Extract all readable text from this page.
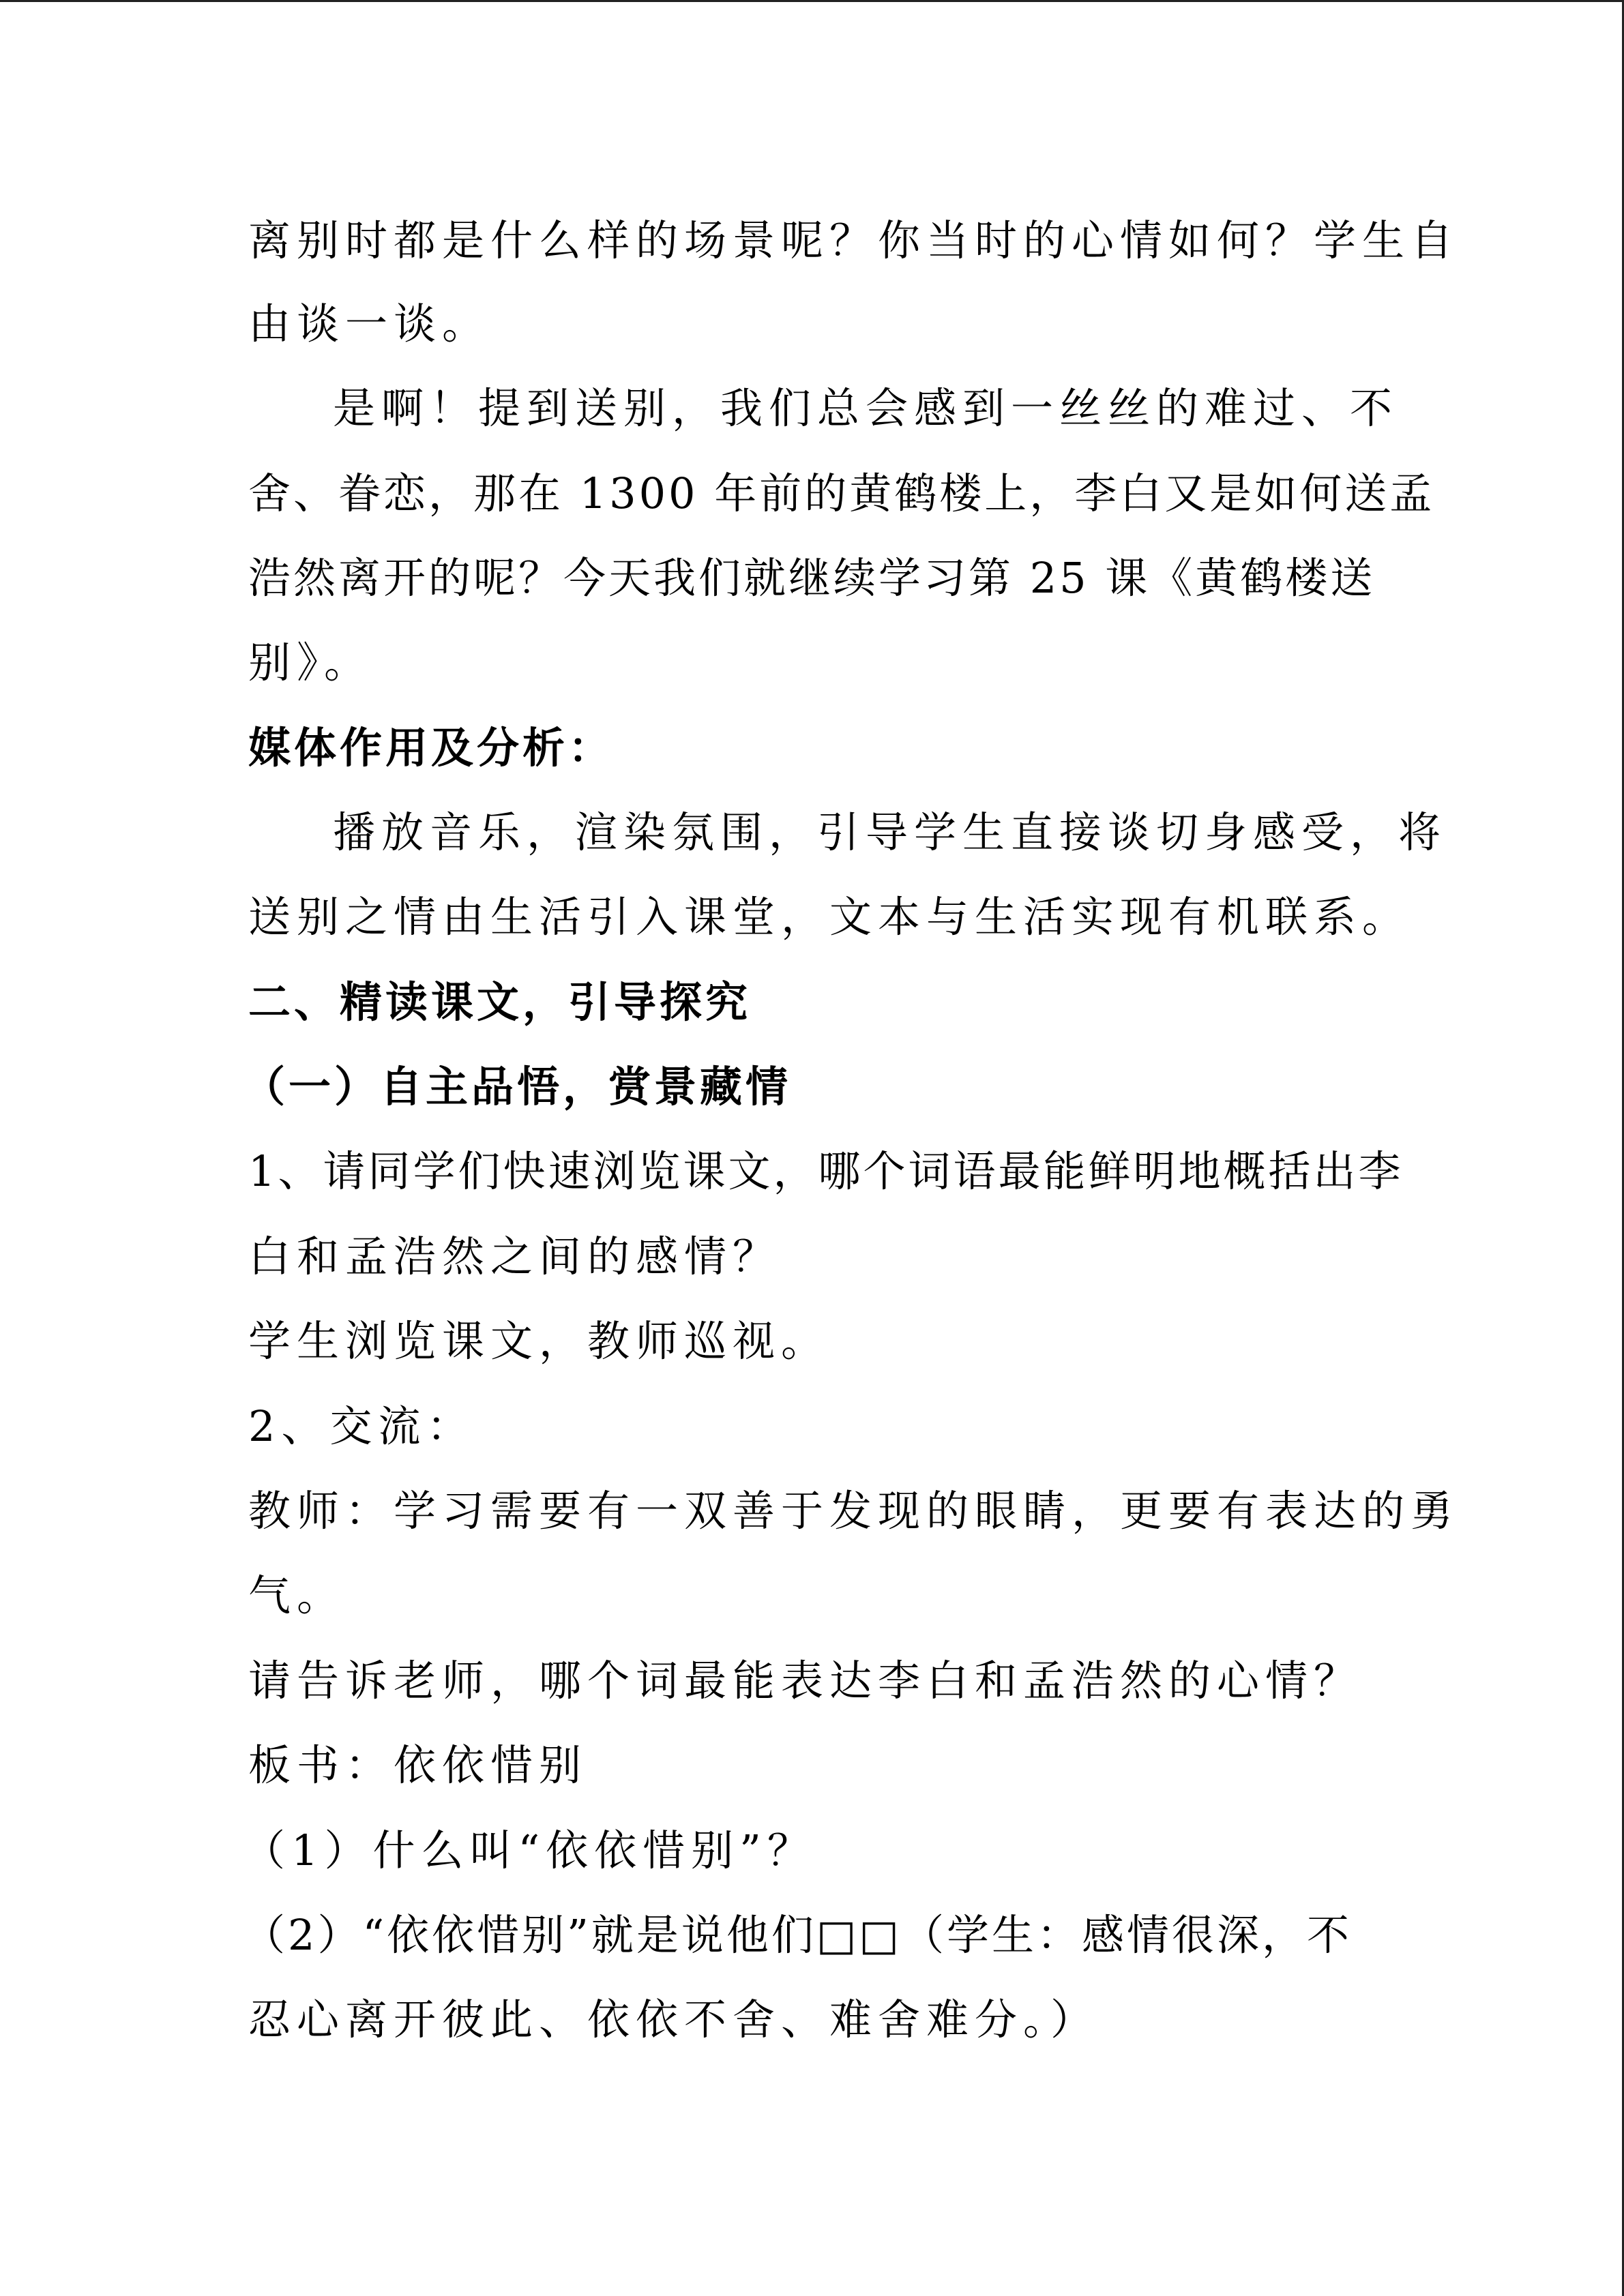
离别时都是什么样的场景呢？你当时的心情如何？学生自
由谈一谈。
是啊！提到送别，我们总会感到一丝丝的难过、不
舍、眷恋，那在 1300 年前的黄鹤楼上，李白又是如何送孟
浩然离开的呢？今天我们就继续学习第 25 课《黄鹤楼送
别》。
媒体作用及分析：
播放音乐，渲染氛围，引导学生直接谈切身感受，将
送别之情由生活引入课堂，文本与生活实现有机联系。
二、精读课文，引导探究
（一）自主品悟，赏景藏情
1、请同学们快速浏览课文，哪个词语最能鲜明地概括出李
白和孟浩然之间的感情？
学生浏览课文，教师巡视。
2、交流：
教师：学习需要有一双善于发现的眼睛，更要有表达的勇
气。
请告诉老师，哪个词最能表达李白和孟浩然的心情？
板书：依依惜别
（1）什么叫“依依惜别”？
（2）“依依惜别”就是说他们□□（学生：感情很深，不
忍心离开彼此、依依不舍、难舍难分。）
